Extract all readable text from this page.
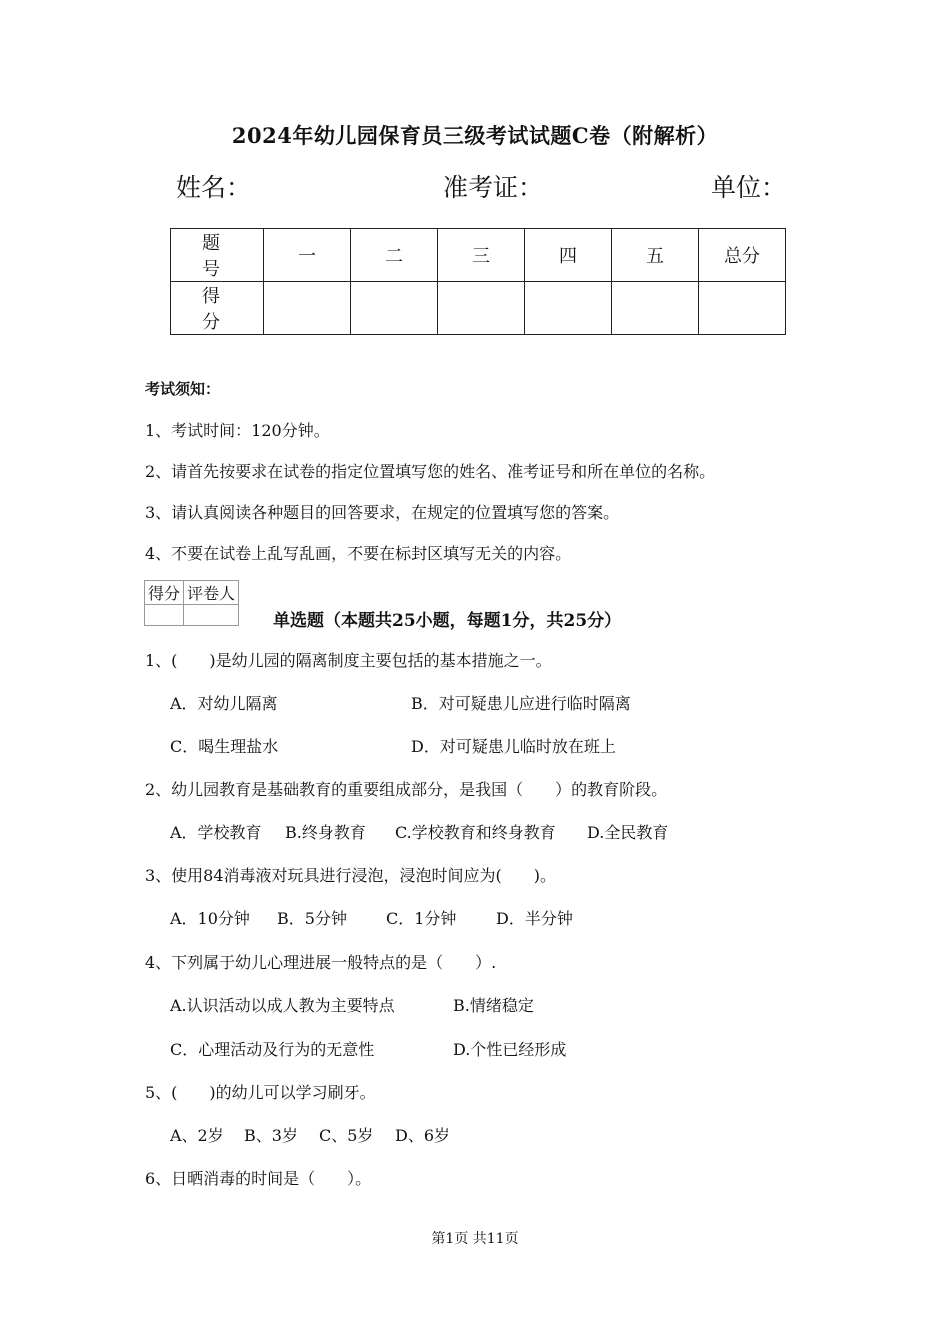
2024年幼儿园保育员三级考试试题C卷（附解析）
姓名：	准考证：	单位：
题　号	一	二	三	四	五	总分
得　分						
考试须知：
1、考试时间：120分钟。
2、请首先按要求在试卷的指定位置填写您的姓名、准考证号和所在单位的名称。
3、请认真阅读各种题目的回答要求，在规定的位置填写您的答案。
4、不要在试卷上乱写乱画，不要在标封区填写无关的内容。
得分	评卷人

单选题（本题共25小题，每题1分，共25分）
1、(　　)是幼儿园的隔离制度主要包括的基本措施之一。
A．对幼儿隔离	B．对可疑患儿应进行临时隔离
C．喝生理盐水	D．对可疑患儿临时放在班上
2、幼儿园教育是基础教育的重要组成部分，是我国（　　）的教育阶段。
A．学校教育 B.终身教育 C.学校教育和终身教育 D.全民教育
3、使用84消毒液对玩具进行浸泡，浸泡时间应为(　　)。
A．10分钟 B．5分钟 C．1分钟 D．半分钟
4、下列属于幼儿心理进展一般特点的是（　　）.
A.认识活动以成人教为主要特点	B.情绪稳定
C．心理活动及行为的无意性	D.个性已经形成
5、(　　)的幼儿可以学习刷牙。
A、2岁 B、3岁 C、5岁 D、6岁
6、日晒消毒的时间是（　　）。
第1页 共11页
